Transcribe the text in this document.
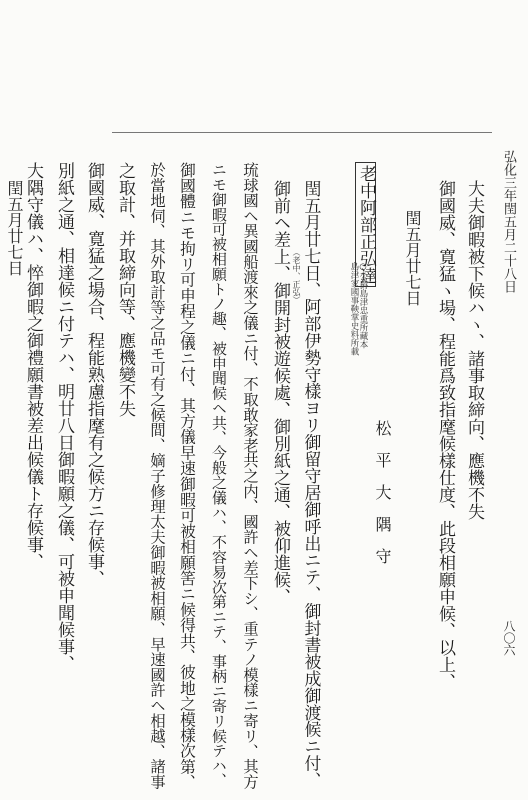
弘化三年閏五月二十八日
八〇六
大夫御暇被下候ハヽ、諸事取締向、應機不失
御國威、寛猛ヽ場、程能爲致指麾候樣仕度、此段相願申候、以上、
閏五月廿七日
松平大隅守
老中阿部正弘達
○公爵島津忠重所藏本
島津家國事鞅掌史料所載
閏五月廿七日、阿部伊勢守樣ヨリ御留守居御呼出ニテ、御封書被成御渡候ニ付、
（老中、正弘）
御前ヘ差上、御開封被遊候處、御別紙之通、被仰進候、
琉球國ヘ異國船渡來之儀ニ付、不取敢家老共之内、國許ヘ差下シ、重テノ模樣ニ寄リ、其方
ニモ御暇可被相願トノ趣、被申聞候ヘ共、今般之儀ハ、不容易次第ニテ、事柄ニ寄リ候テハ、
御國體ニモ拘リ可申程之儀ニ付、其方儀早速御暇可被相願筈ニ候得共、彼地之模樣次第、
於當地伺、其外取計等之品モ可有之候間、嫡子修理太夫御暇被相願、早速國許ヘ相越、諸事
之取計、并取締向等、應機變不失
御國威、寛猛之場合、程能熟慮指麾有之候方ニ存候事、
別紙之通、相達候ニ付テハ、明廿八日御暇願之儀、可被申聞候事、
大隅守儀ハ、悴御暇之御禮願書被差出候儀ト存候事、
閏五月廿七日
